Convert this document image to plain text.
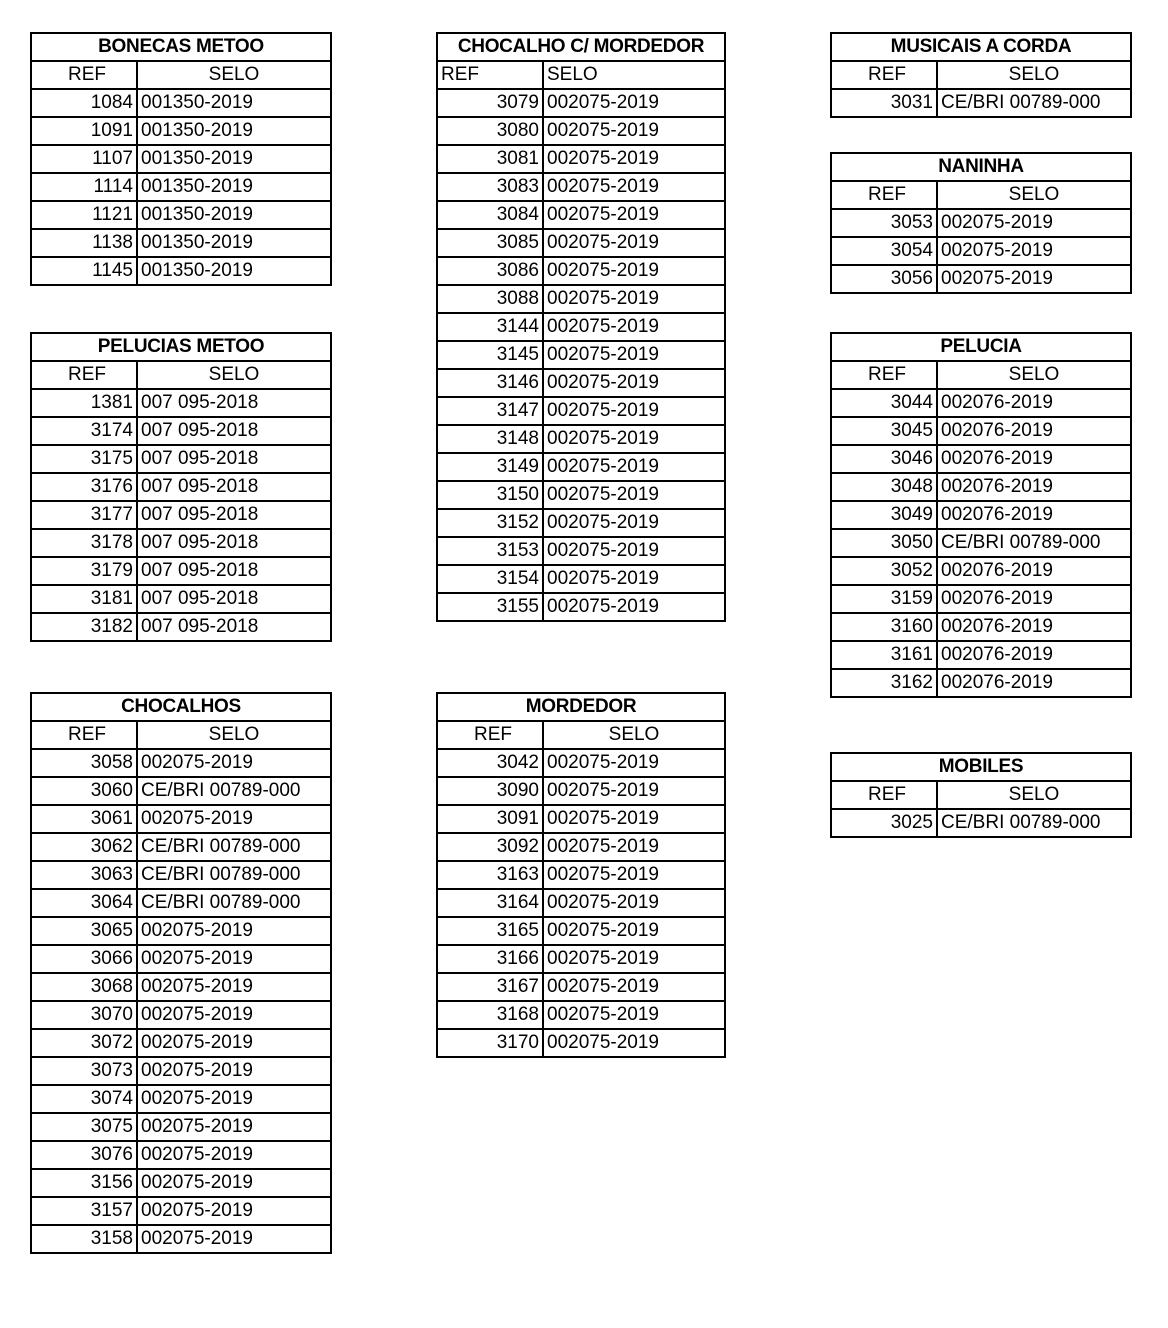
BONECAS METOO	
REF	SELO
1084	001350-2019
1091	001350-2019
1107	001350-2019
1114	001350-2019
1121	001350-2019
1138	001350-2019
1145	001350-2019
PELUCIAS METOO	
REF	SELO
1381	007 095-2018
3174	007 095-2018
3175	007 095-2018
3176	007 095-2018
3177	007 095-2018
3178	007 095-2018
3179	007 095-2018
3181	007 095-2018
3182	007 095-2018
CHOCALHOS	
REF	SELO
3058	002075-2019
3060	CE/BRI 00789-000
3061	002075-2019
3062	CE/BRI 00789-000
3063	CE/BRI 00789-000
3064	CE/BRI 00789-000
3065	002075-2019
3066	002075-2019
3068	002075-2019
3070	002075-2019
3072	002075-2019
3073	002075-2019
3074	002075-2019
3075	002075-2019
3076	002075-2019
3156	002075-2019
3157	002075-2019
3158	002075-2019
CHOCALHO C/ MORDEDOR	
REF	SELO
3079	002075-2019
3080	002075-2019
3081	002075-2019
3083	002075-2019
3084	002075-2019
3085	002075-2019
3086	002075-2019
3088	002075-2019
3144	002075-2019
3145	002075-2019
3146	002075-2019
3147	002075-2019
3148	002075-2019
3149	002075-2019
3150	002075-2019
3152	002075-2019
3153	002075-2019
3154	002075-2019
3155	002075-2019
MORDEDOR	
REF	SELO
3042	002075-2019
3090	002075-2019
3091	002075-2019
3092	002075-2019
3163	002075-2019
3164	002075-2019
3165	002075-2019
3166	002075-2019
3167	002075-2019
3168	002075-2019
3170	002075-2019
MUSICAIS A CORDA	
REF	SELO
3031	CE/BRI 00789-000
NANINHA	
REF	SELO
3053	002075-2019
3054	002075-2019
3056	002075-2019
PELUCIA	
REF	SELO
3044	002076-2019
3045	002076-2019
3046	002076-2019
3048	002076-2019
3049	002076-2019
3050	CE/BRI 00789-000
3052	002076-2019
3159	002076-2019
3160	002076-2019
3161	002076-2019
3162	002076-2019
MOBILES	
REF	SELO
3025	CE/BRI 00789-000
